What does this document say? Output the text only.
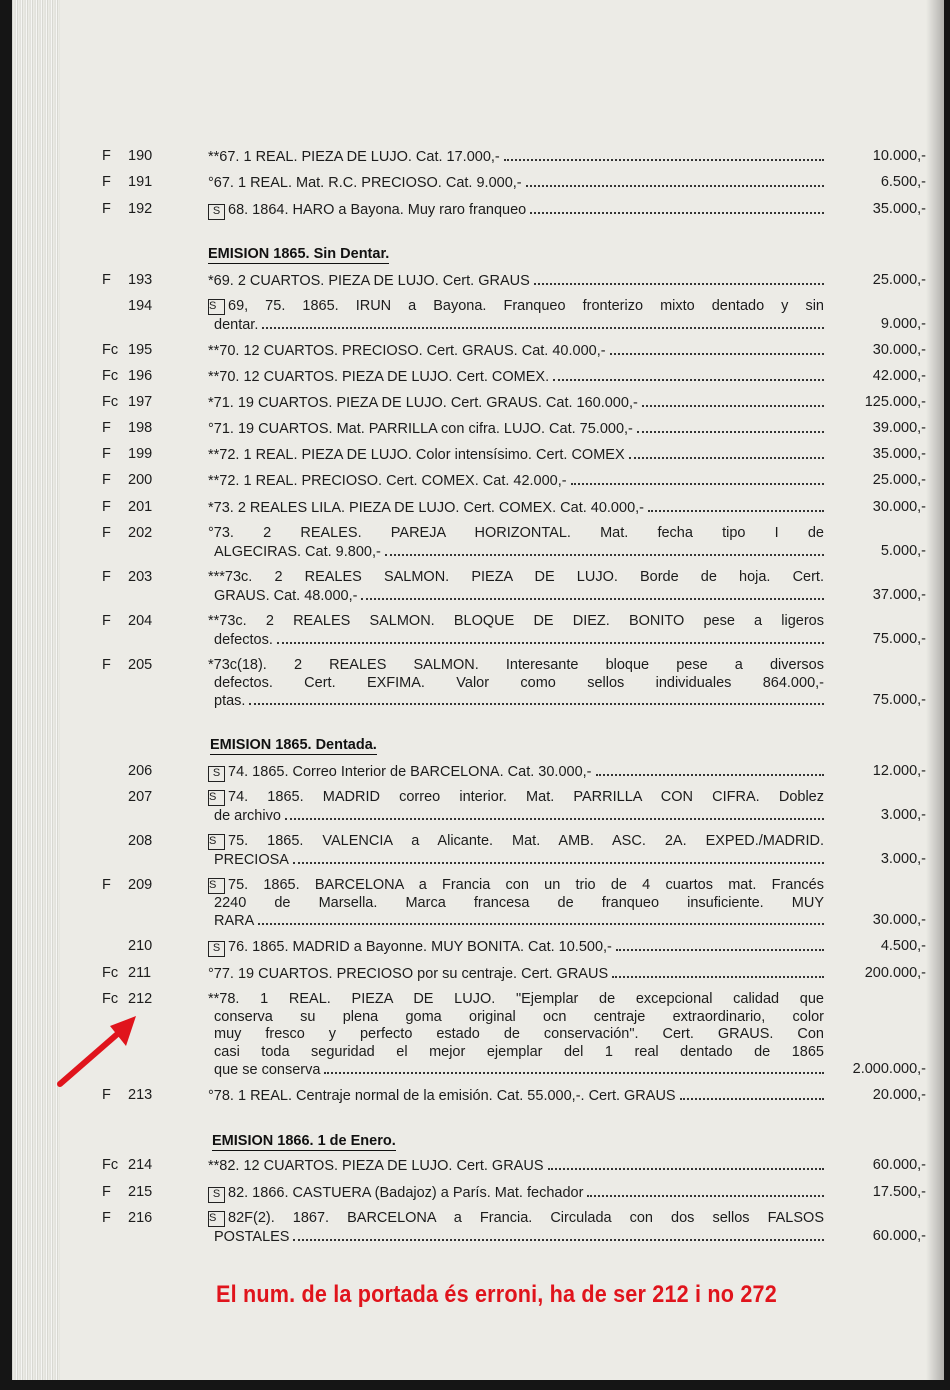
EMISION 1865. Sin Dentar.
EMISION 1865. Dentada.
EMISION 1866. 1 de Enero.
F	190	**67. 1 REAL. PIEZA DE LUJO. Cat. 17.000,-	10.000,-
F	191	°67. 1 REAL. Mat. R.C. PRECIOSO. Cat. 9.000,-	6.500,-
F	192	S 68. 1864. HARO a Bayona. Muy raro franqueo	35.000,-
F	193	*69. 2 CUARTOS. PIEZA DE LUJO. Cert. GRAUS	25.000,-
194	S 69, 75. 1865. IRUN a Bayona. Franqueo fronterizo mixto dentado y sin
dentar.	9.000,-
Fc 195	**70. 12 CUARTOS. PRECIOSO. Cert. GRAUS. Cat. 40.000,-	30.000,-
Fc 196	**70. 12 CUARTOS. PIEZA DE LUJO. Cert. COMEX.	42.000,-
Fc 197	*71. 19 CUARTOS. PIEZA DE LUJO. Cert. GRAUS. Cat. 160.000,-	125.000,-
F	198	°71. 19 CUARTOS. Mat. PARRILLA con cifra. LUJO. Cat. 75.000,-	39.000,-
F	199	**72. 1 REAL. PIEZA DE LUJO. Color intensísimo. Cert. COMEX	35.000,-
F	200	**72. 1 REAL. PRECIOSO. Cert. COMEX. Cat. 42.000,-	25.000,-
F	201	*73. 2 REALES LILA. PIEZA DE LUJO. Cert. COMEX. Cat. 40.000,-	30.000,-
F	202	°73. 2 REALES. PAREJA HORIZONTAL. Mat. fecha tipo I de
ALGECIRAS. Cat. 9.800,-	5.000,-
F	203	***73c. 2 REALES SALMON. PIEZA DE LUJO. Borde de hoja. Cert.
GRAUS. Cat. 48.000,-	37.000,-
F	204	**73c. 2 REALES SALMON. BLOQUE DE DIEZ. BONITO pese a ligeros
defectos.	75.000,-
F	205	*73c(18). 2 REALES SALMON. Interesante bloque pese a diversos
defectos. Cert. EXFIMA. Valor como sellos individuales 864.000,-
ptas.	75.000,-
206	S 74. 1865. Correo Interior de BARCELONA. Cat. 30.000,-	12.000,-
207	S 74. 1865. MADRID correo interior. Mat. PARRILLA CON CIFRA. Doblez
de archivo	3.000,-
208	S 75. 1865. VALENCIA a Alicante. Mat. AMB. ASC. 2A. EXPED./MADRID.
PRECIOSA	3.000,-
F	209	S 75. 1865. BARCELONA a Francia con un trio de 4 cuartos mat. Francés
2240 de Marsella. Marca francesa de franqueo insuficiente. MUY
RARA	30.000,-
210	S 76. 1865. MADRID a Bayonne. MUY BONITA. Cat. 10.500,-	4.500,-
Fc 211	°77. 19 CUARTOS. PRECIOSO por su centraje. Cert. GRAUS	200.000,-
Fc 212	**78. 1 REAL. PIEZA DE LUJO. "Ejemplar de excepcional calidad que
conserva su plena goma original ocn centraje extraordinario, color
muy fresco y perfecto estado de conservación". Cert. GRAUS. Con
casi toda seguridad el mejor ejemplar del 1 real dentado de 1865
que se conserva	2.000.000,-
F	213	°78. 1 REAL. Centraje normal de la emisión. Cat. 55.000,-. Cert. GRAUS	20.000,-
Fc 214	**82. 12 CUARTOS. PIEZA DE LUJO. Cert. GRAUS	60.000,-
F	215	S 82. 1866. CASTUERA (Badajoz) a París. Mat. fechador	17.500,-
F	216	S 82F(2). 1867. BARCELONA a Francia. Circulada con dos sellos FALSOS
POSTALES	60.000,-
El num. de la portada és erroni, ha de ser 212 i no 272
